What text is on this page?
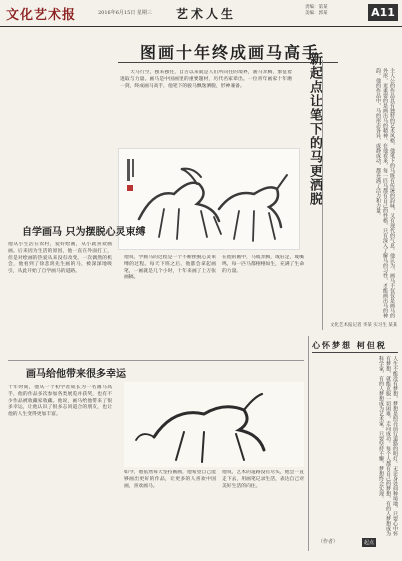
文化艺术报	2016年6月15日 星期三 艺术人生	责编：第某
美编：郭某	A11
图画十年终成画马高手
天马行空，独来独往，自古以来就是人们所向往的境界，骏马奔腾，象征着进取与力量。画马是中国画里的重要题材，历代名家辈出。一位青年画家十年磨一剑，终成画马高手，他笔下的骏马飘逸洒脱，形神兼备。	新起点让笔下的马更洒脱	主人公的作品具有独特的艺术风格，他笔下的马既有传统的韵味，又有现代的气息。他认为，画马不仅仅是画马的外形，更重要的是画出马的精神。在他看来，每一匹马都有自己的性格，只有深入了解马的习性，才能画出马的神韵。他的作品中，马的形态各异，或静或动，都充满了活力和力量。
文化艺术报记者 李某 实习生 某某
自学画马 只为摆脱心灵束缚
他从小生活在农村，爱好绘画，从小就喜欢画画。后来因为生活的原因，他一直在外面打工，但是对绘画的热爱从来没有改变。一次偶然的机会，他看到了徐悲鸿先生画的马，被深深地吸引，从此开始了自学画马的道路。
他说，学画马的过程是一个不断摆脱心灵束缚的过程。每天下班之后，他都会拿起画笔，一画就是几个小时，十年来画了上万张画稿。
在他的画中，马或奔腾，或驻足，或嘶鸣，每一匹马都栩栩如生，充满了生命的力量。
画马给他带来很多幸运
十年时间，他从一个初学者成长为一名画马高手，他的作品多次参加各类展览并获奖，也有不少作品被收藏家收藏。他说，画马给他带来了很多幸运，让他认识了很多志同道合的朋友，也让他的人生变得更加丰富。
如今，他依然每天坚持画画，他希望自己能够画出更好的作品，让更多的人喜欢中国画，喜欢画马。
他说，艺术的道路没有尽头，他会一直走下去，用画笔记录生活，表达自己对美好生活的向往。
心怀梦想 柯但税
人生不能没有梦想，梦想是照亮前行道路的明灯。无论身处何种境地，只要心中怀有梦想，就能克服一切困难，走向成功。每个人都有自己的梦想，有的人梦想成为科学家，有的人梦想成为艺术家。只要坚持不懈，梦想终会实现。
（作者）	起点
